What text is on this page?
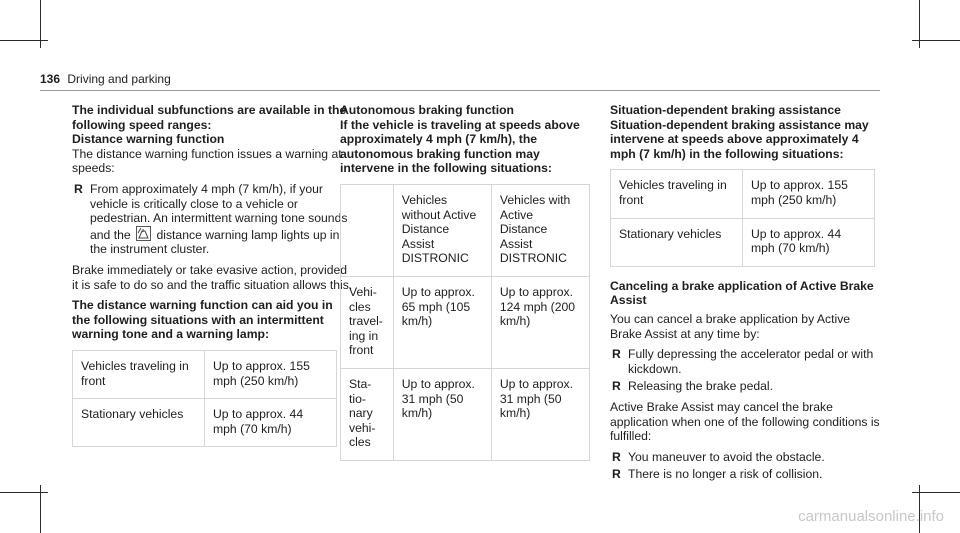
136 Driving and parking

The individual subfunctions are available in the following speed ranges:

Distance warning function

The distance warning function issues a warning at speeds:

R From approximately 4 mph (7 km/h), if your vehicle is critically close to a vehicle or pedestrian. An intermittent warning tone sounds and the distance warning lamp lights up in the instrument cluster.

Brake immediately or take evasive action, provided it is safe to do so and the traffic situation allows this.

The distance warning function can aid you in the following situations with an intermittent warning tone and a warning lamp:

Vehicles traveling in front	Up to approx. 155 mph (250 km/h)
Stationary vehicles	Up to approx. 44 mph (70 km/h)

Autonomous braking function

If the vehicle is traveling at speeds above approximately 4 mph (7 km/h), the autonomous braking function may intervene in the following situations:

	Vehicles without Active Distance Assist DISTRONIC	Vehicles with Active Distance Assist DISTRONIC
Vehi-cles travel-ing in front	Up to approx. 65 mph (105 km/h)	Up to approx. 124 mph (200 km/h)
Sta-tio-nary vehi-cles	Up to approx. 31 mph (50 km/h)	Up to approx. 31 mph (50 km/h)

Situation-dependent braking assistance

Situation-dependent braking assistance may intervene at speeds above approximately 4 mph (7 km/h) in the following situations:

Vehicles traveling in front	Up to approx. 155 mph (250 km/h)
Stationary vehicles	Up to approx. 44 mph (70 km/h)

Canceling a brake application of Active Brake Assist

You can cancel a brake application by Active Brake Assist at any time by:

R Fully depressing the accelerator pedal or with kickdown.
R Releasing the brake pedal.

Active Brake Assist may cancel the brake application when one of the following conditions is fulfilled:

R You maneuver to avoid the obstacle.
R There is no longer a risk of collision.
carmanualsonline.info
